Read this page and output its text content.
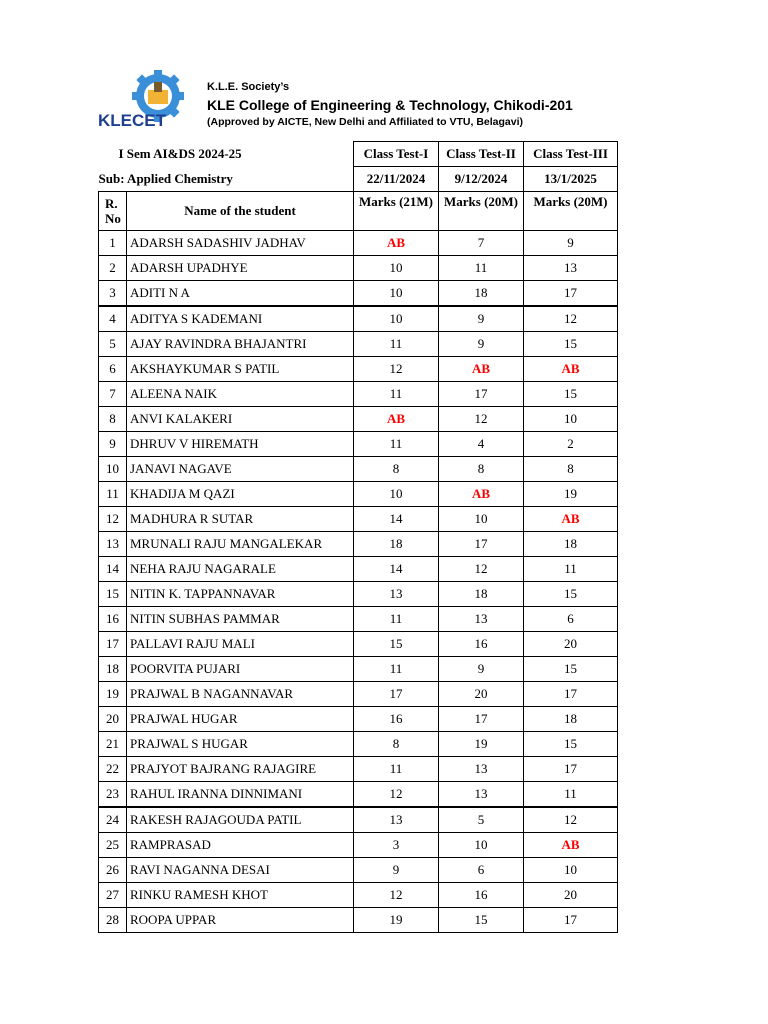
KLECET
K.L.E. Society’s
KLE College of Engineering & Technology, Chikodi-201
(Approved by AICTE, New Delhi and Affiliated to VTU, Belagavi)
I Sem AI&DS 2024-25		Class Test-I	Class Test-II	Class Test-III
Sub: Applied Chemistry		22/11/2024	9/12/2024	13/1/2025
R. No	Name of the student	Marks (21M)	Marks (20M)	Marks (20M)
1	ADARSH SADASHIV JADHAV	AB	7	9
2	ADARSH UPADHYE	10	11	13
3	ADITI N A	10	18	17
4	ADITYA S KADEMANI	10	9	12
5	AJAY RAVINDRA BHAJANTRI	11	9	15
6	AKSHAYKUMAR S PATIL	12	AB	AB
7	ALEENA NAIK	11	17	15
8	ANVI KALAKERI	AB	12	10
9	DHRUV V HIREMATH	11	4	2
10	JANAVI NAGAVE	8	8	8
11	KHADIJA M QAZI	10	AB	19
12	MADHURA R SUTAR	14	10	AB
13	MRUNALI RAJU MANGALEKAR	18	17	18
14	NEHA RAJU NAGARALE	14	12	11
15	NITIN K. TAPPANNAVAR	13	18	15
16	NITIN SUBHAS PAMMAR	11	13	6
17	PALLAVI RAJU MALI	15	16	20
18	POORVITA PUJARI	11	9	15
19	PRAJWAL B NAGANNAVAR	17	20	17
20	PRAJWAL HUGAR	16	17	18
21	PRAJWAL S HUGAR	8	19	15
22	PRAJYOT BAJRANG RAJAGIRE	11	13	17
23	RAHUL IRANNA DINNIMANI	12	13	11
24	RAKESH RAJAGOUDA PATIL	13	5	12
25	RAMPRASAD	3	10	AB
26	RAVI NAGANNA DESAI	9	6	10
27	RINKU RAMESH KHOT	12	16	20
28	ROOPA UPPAR	19	15	17
